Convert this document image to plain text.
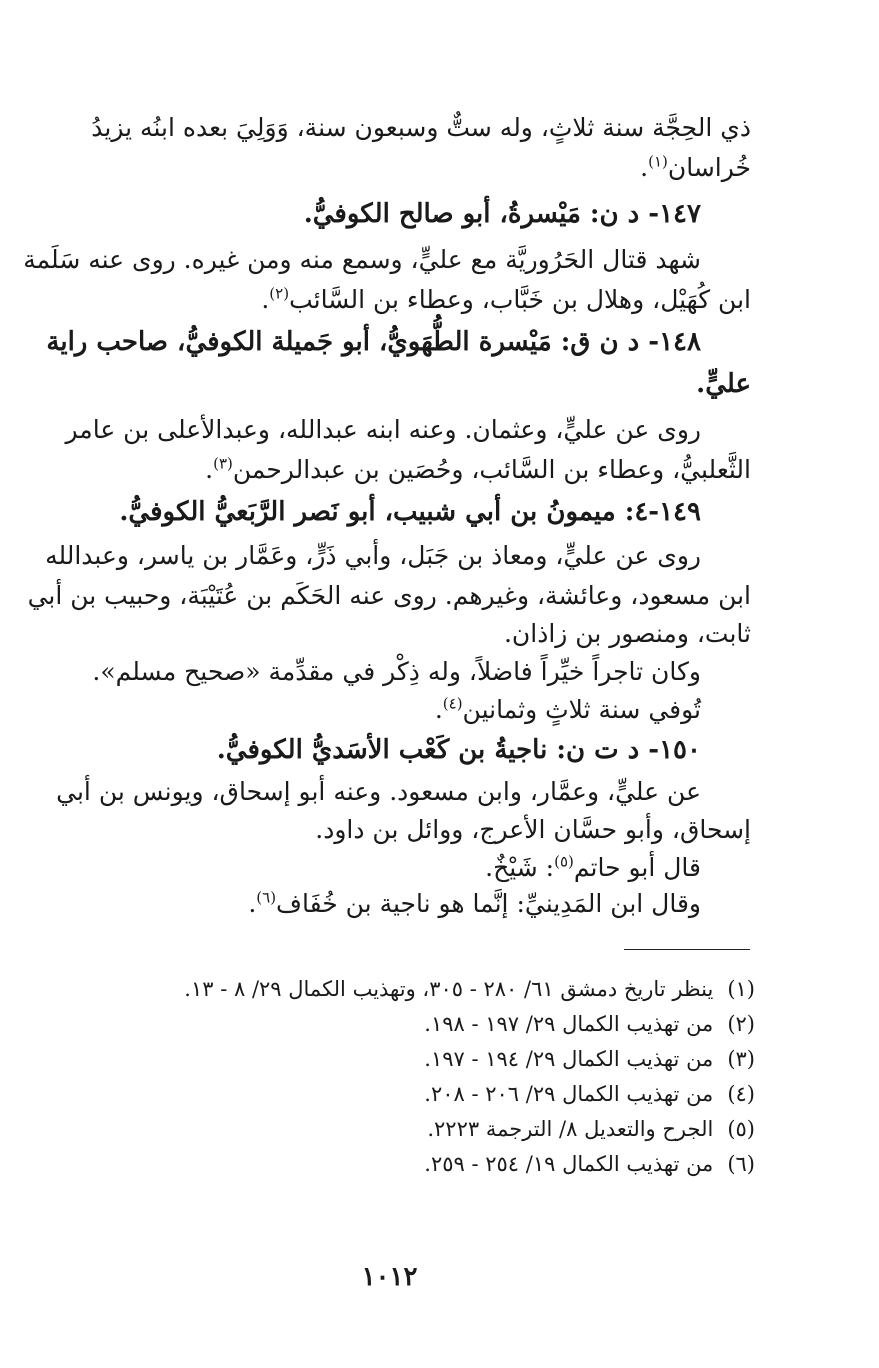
ذي الحِجَّة سنة ثلاثٍ، وله ستٌّ وسبعون سنة، وَوَلِيَ بعده ابنُه يزيدُ
خُراسان$^{(١)}$.
١٤٧- د ن: مَيْسرةُ، أبو صالح الكوفيُّ.
شهد قتال الحَرُوريَّة مع عليٍّ، وسمع منه ومن غيره. روى عنه سَلَمة
ابن كُهَيْل، وهلال بن خَبَّاب، وعطاء بن السَّائب$^{(٢)}$.
١٤٨- د ن ق: مَيْسرة الطُّهَويُّ، أبو جَميلة الكوفيُّ، صاحب راية
عليٍّ.
روى عن عليٍّ، وعثمان. وعنه ابنه عبدالله، وعبدالأعلى بن عامر
الثَّعلبيُّ، وعطاء بن السَّائب، وحُصَين بن عبدالرحمن$^{(٣)}$.
١٤٩-٤: ميمونُ بن أبي شبيب، أبو نَصر الرَّبَعيُّ الكوفيُّ.
روى عن عليٍّ، ومعاذ بن جَبَل، وأبي ذَرٍّ، وعَمَّار بن ياسر، وعبدالله
ابن مسعود، وعائشة، وغيرهم. روى عنه الحَكَم بن عُتَيْبَة، وحبيب بن أبي
ثابت، ومنصور بن زاذان.
وكان تاجراً خيِّراً فاضلاً، وله ذِكْر في مقدِّمة «صحيح مسلم».
تُوفي سنة ثلاثٍ وثمانين$^{(٤)}$.
١٥٠- د ت ن: ناجيةُ بن كَعْب الأسَديُّ الكوفيُّ.
عن عليٍّ، وعمَّار، وابن مسعود. وعنه أبو إسحاق، ويونس بن أبي
إسحاق، وأبو حسَّان الأعرج، ووائل بن داود.
قال أبو حاتم$^{(٥)}$: شَيْخٌ.
وقال ابن المَدِينيِّ: إنَّما هو ناجية بن خُفَاف$^{(٦)}$.
(١)ينظر تاريخ دمشق ٦١/ ٢٨٠ - ٣٠٥، وتهذيب الكمال ٢٩/ ٨ - ١٣.
(٢)من تهذيب الكمال ٢٩/ ١٩٧ - ١٩٨.
(٣)من تهذيب الكمال ٢٩/ ١٩٤ - ١٩٧.
(٤)من تهذيب الكمال ٢٩/ ٢٠٦ - ٢٠٨.
(٥)الجرح والتعديل ٨/ الترجمة ٢٢٢٣.
(٦)من تهذيب الكمال ١٩/ ٢٥٤ - ٢٥٩.
١٠١٢
